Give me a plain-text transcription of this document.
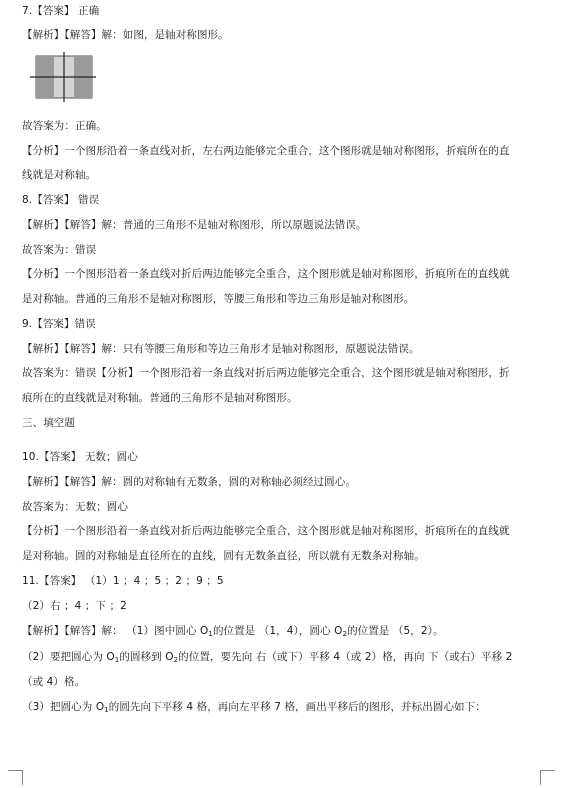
7.【答案】 正确
【解析】【解答】解：如图，是轴对称图形。
故答案为：正确。
【分析】一个图形沿着一条直线对折，左右两边能够完全重合，这个图形就是轴对称图形，折痕所在的直
线就是对称轴。
8.【答案】 错误
【解析】【解答】解：普通的三角形不是轴对称图形，所以原题说法错误。
故答案为：错误
【分析】一个图形沿着一条直线对折后两边能够完全重合，这个图形就是轴对称图形，折痕所在的直线就
是对称轴。普通的三角形不是轴对称图形，等腰三角形和等边三角形是轴对称图形。
9.【答案】错误
【解析】【解答】解：只有等腰三角形和等边三角形才是轴对称图形，原题说法错误。
故答案为：错误【分析】一个图形沿着一条直线对折后两边能够完全重合，这个图形就是轴对称图形，折
痕所在的直线就是对称轴。普通的三角形不是轴对称图形。
三、填空题
10.【答案】 无数；圆心
【解析】【解答】解：圆的对称轴有无数条，圆的对称轴必须经过圆心。
故答案为：无数；圆心
【分析】一个图形沿着一条直线对折后两边能够完全重合，这个图形就是轴对称图形，折痕所在的直线就
是对称轴。圆的对称轴是直径所在的直线，圆有无数条直径，所以就有无数条对称轴。
11.【答案】 （1）1 ；4 ；5 ；2 ；9 ；5
（2）右 ；4 ；下 ；2
【解析】【解答】解： （1）图中圆心 $O_1$的位置是 （1，4），圆心 $O_2$的位置是 （5，2）。
（2）要把圆心为 $O_1$的圆移到 $O_2$的位置，要先向 右（或下）平移 4（或 2）格，再向 下（或右）平移 2
（或 4）格。
（3）把圆心为 $O_1$的圆先向下平移 4 格，再向左平移 7 格，画出平移后的图形，并标出圆心如下：
